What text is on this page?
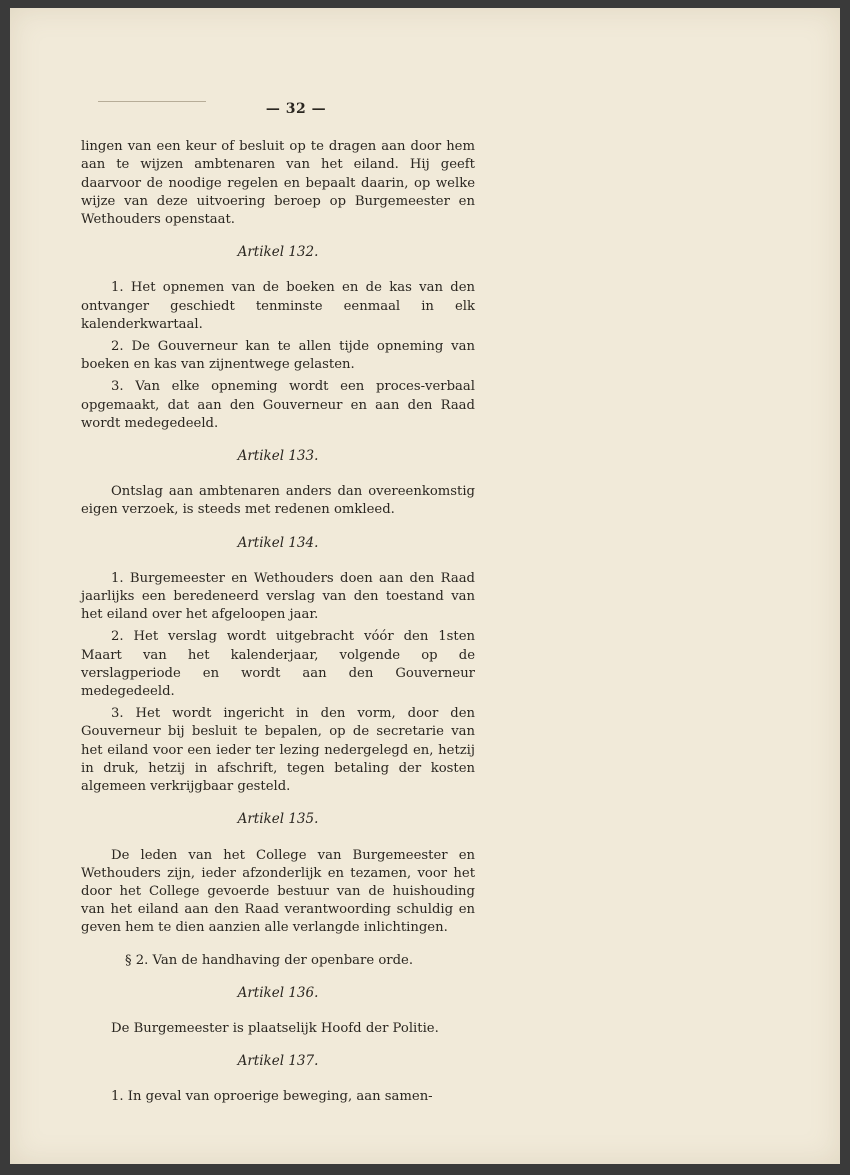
— 32 —
lingen van een keur of besluit op te dragen aan door hem aan te wijzen ambtenaren van het eiland. Hij geeft daarvoor de noodige regelen en bepaalt daarin, op welke wijze van deze uitvoering beroep op Burgemeester en Wethouders openstaat.
Artikel 132.
1. Het opnemen van de boeken en de kas van den ontvanger geschiedt tenminste eenmaal in elk kalenderkwartaal.
2. De Gouverneur kan te allen tijde opneming van boeken en kas van zijnentwege gelasten.
3. Van elke opneming wordt een proces-verbaal opgemaakt, dat aan den Gouverneur en aan den Raad wordt medegedeeld.
Artikel 133.
Ontslag aan ambtenaren anders dan overeenkomstig eigen verzoek, is steeds met redenen omkleed.
Artikel 134.
1. Burgemeester en Wethouders doen aan den Raad jaarlijks een beredeneerd verslag van den toestand van het eiland over het afgeloopen jaar.
2. Het verslag wordt uitgebracht vóór den 1sten Maart van het kalenderjaar, volgende op de verslagperiode en wordt aan den Gouverneur medegedeeld.
3. Het wordt ingericht in den vorm, door den Gouverneur bij besluit te bepalen, op de secretarie van het eiland voor een ieder ter lezing nedergelegd en, hetzij in druk, hetzij in afschrift, tegen betaling der kosten algemeen verkrijgbaar gesteld.
Artikel 135.
De leden van het College van Burgemeester en Wethouders zijn, ieder afzonderlijk en tezamen, voor het door het College gevoerde bestuur van de huishouding van het eiland aan den Raad verantwoording schuldig en geven hem te dien aanzien alle verlangde inlichtingen.
§ 2. Van de handhaving der openbare orde.
Artikel 136.
De Burgemeester is plaatselijk Hoofd der Politie.
Artikel 137.
1. In geval van oproerige beweging, aan samen-
